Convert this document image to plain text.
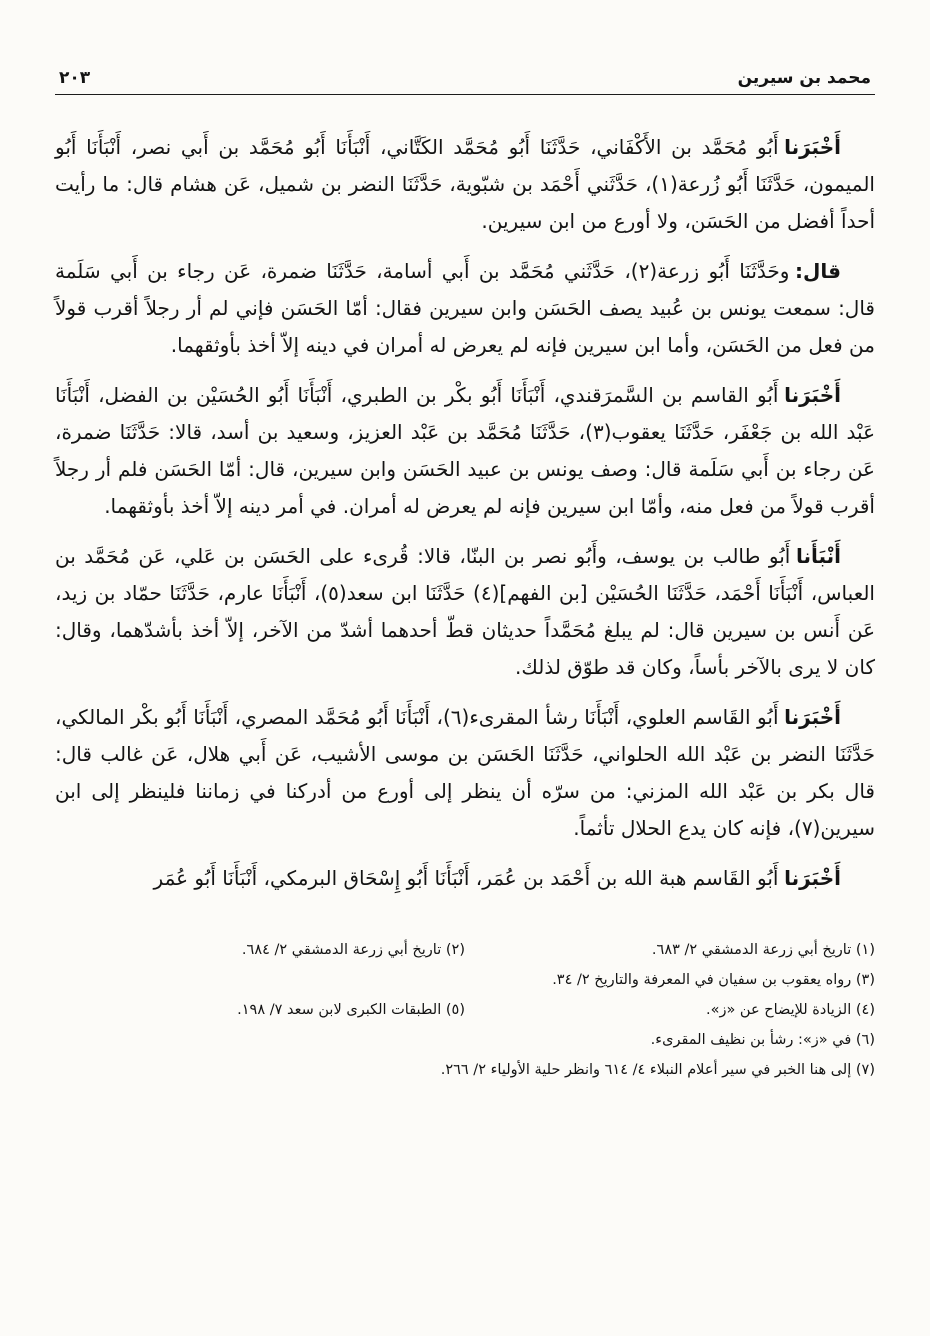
محمد بن سيرين
٢٠٣

أَخْبَرَناأَبُو مُحَمَّد بن الأَكْفَاني، حَدَّثَنَا أَبُو مُحَمَّد الكَتَّاني، أَنْبَأَنَا أَبُو مُحَمَّد بن أَبي نصر، أَنْبَأَنَا أَبُو الميمون، حَدَّثَنَا أَبُو زُرعة(١)، حَدَّثَني أَحْمَد بن شبّوية، حَدَّثَنَا النضر بن شميل، عَن هشام قال: ما رأيت أحداً أفضل من الحَسَن، ولا أورع من ابن سيرين.

قال:وحَدَّثَنَا أَبُو زرعة(٢)، حَدَّثَني مُحَمَّد بن أَبي أسامة، حَدَّثَنَا ضمرة، عَن رجاء بن أَبي سَلَمة قال: سمعت يونس بن عُبيد يصف الحَسَن وابن سيرين فقال: أمّا الحَسَن فإني لم أر رجلاً أقرب قولاً من فعل من الحَسَن، وأما ابن سيرين فإنه لم يعرض له أمران في دينه إلاّ أخذ بأوثقهما.

أَخْبَرَناأَبُو القاسم بن السَّمرَقندي، أَنْبَأَنَا أَبُو بكْر بن الطبري، أَنْبَأَنَا أَبُو الحُسَيْن بن الفضل، أَنْبَأَنَا عَبْد الله بن جَعْفَر، حَدَّثَنَا يعقوب(٣)، حَدَّثَنَا مُحَمَّد بن عَبْد العزيز، وسعيد بن أسد، قالا: حَدَّثَنَا ضمرة، عَن رجاء بن أَبي سَلَمة قال: وصف يونس بن عبيد الحَسَن وابن سيرين، قال: أمّا الحَسَن فلم أر رجلاً أقرب قولاً من فعل منه، وأمّا ابن سيرين فإنه لم يعرض له أمران. في أمر دينه إلاّ أخذ بأوثقهما.

أَنْبَأَناأَبُو طالب بن يوسف، وأَبُو نصر بن البنّا، قالا: قُرىء على الحَسَن بن عَلي، عَن مُحَمَّد بن العباس، أَنْبَأَنَا أَحْمَد، حَدَّثَنَا الحُسَيْن [بن الفهم](٤) حَدَّثَنَا ابن سعد(٥)، أَنْبَأَنَا عارم، حَدَّثَنَا حمّاد بن زيد، عَن أَنس بن سيرين قال: لم يبلغ مُحَمَّداً حديثان قطّ أحدهما أشدّ من الآخر، إلاّ أخذ بأشدّهما، وقال: كان لا يرى بالآخر بأساً، وكان قد طوّق لذلك.

أَخْبَرَناأَبُو القَاسم العلوي، أَنْبَأَنَا رشأ المقرىء(٦)، أَنْبَأَنَا أَبُو مُحَمَّد المصري، أَنْبَأَنَا أَبُو بكْر المالكي، حَدَّثَنَا النضر بن عَبْد الله الحلواني، حَدَّثَنَا الحَسَن بن موسى الأشيب، عَن أَبي هلال، عَن غالب قال: قال بكر بن عَبْد الله المزني: من سرّه أن ينظر إلى أورع من أدركنا في زماننا فلينظر إلى ابن سيرين(٧)، فإنه كان يدع الحلال تأثماً.

أَخْبَرَناأَبُو القَاسم هبة الله بن أَحْمَد بن عُمَر، أَنْبَأَنَا أَبُو إِسْحَاق البرمكي، أَنْبَأَنَا أَبُو عُمَر

(١) تاريخ أبي زرعة الدمشقي ٢/ ٦٨٣.
(٢) تاريخ أبي زرعة الدمشقي ٢/ ٦٨٤.
(٣) رواه يعقوب بن سفيان في المعرفة والتاريخ ٢/ ٣٤.
(٤) الزيادة للإيضاح عن «ز».
(٥) الطبقات الكبرى لابن سعد ٧/ ١٩٨.
(٦) في «ز»: رشأ بن نظيف المقرىء.
(٧) إلى هنا الخبر في سير أعلام النبلاء ٤/ ٦١٤ وانظر حلية الأولياء ٢/ ٢٦٦.
